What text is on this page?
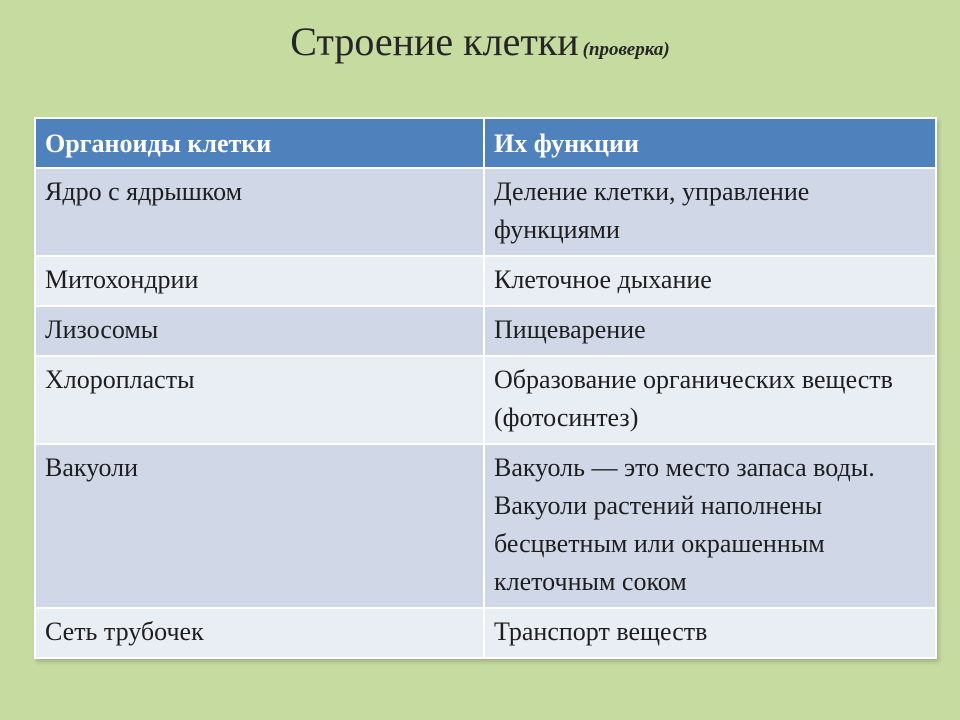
Строение клетки (проверка)
Органоиды клетки	Их функции
Ядро с ядрышком	Деление клетки, управление функциями
Митохондрии	Клеточное дыхание
Лизосомы	Пищеварение
Хлоропласты	Образование органических веществ (фотосинтез)
Вакуоли	Вакуоль — это место запаса воды. Вакуоли растений наполнены бесцветным или окрашенным клеточным соком
Сеть трубочек	Транспорт веществ
